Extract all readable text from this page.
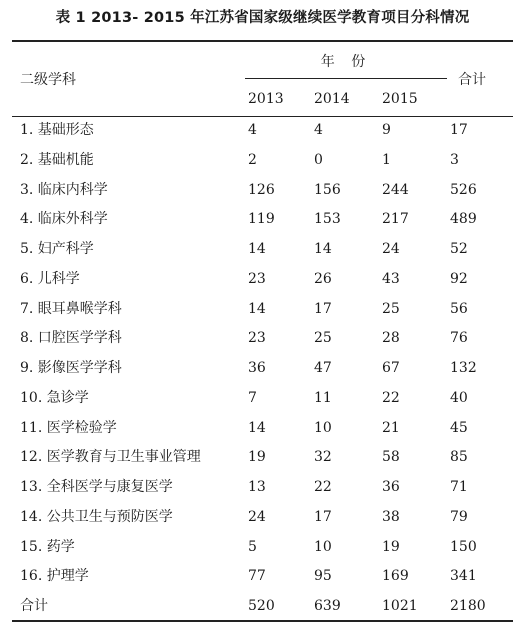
表 1 2013- 2015 年江苏省国家级继续医学教育项目分科情况
二级学科
年 份
合计
2013 2014 2015
1. 基础形态	4	4	9	17
2. 基础机能	2	0	1	3
3. 临床内科学	126	156	244	526
4. 临床外科学	119	153	217	489
5. 妇产科学	14	14	24	52
6. 儿科学	23	26	43	92
7. 眼耳鼻喉学科	14	17	25	56
8. 口腔医学学科	23	25	28	76
9. 影像医学学科	36	47	67	132
10. 急诊学	7	11	22	40
11. 医学检验学	14	10	21	45
12. 医学教育与卫生事业管理	19	32	58	85
13. 全科医学与康复医学	13	22	36	71
14. 公共卫生与预防医学	24	17	38	79
15. 药学	5	10	19	150
16. 护理学	77	95	169	341
合计	520	639	1021 2180
